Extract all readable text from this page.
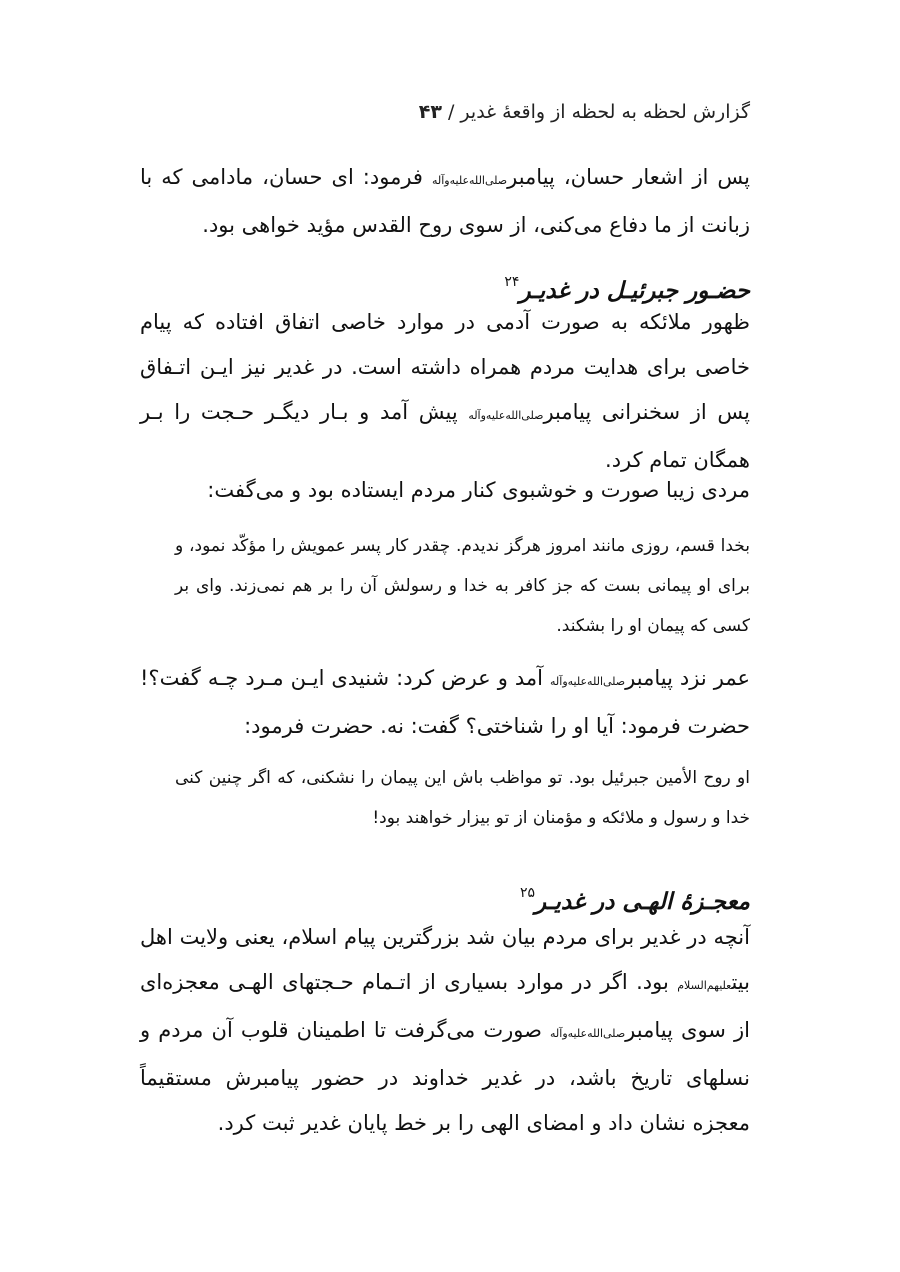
گزارش لحظه به لحظه از واقعۀ غدیر / ۴۳
پس از اشعار حسان، پیامبرصلی‌الله‌علیه‌وآله فرمود: ای حسان، مادامی که با زبانت از ما دفاع می‌کنی، از سوی روح القدس مؤید خواهی بود.
حضـور جبرئیـل در غدیـر$^{۲۴}$
ظهور ملائکه به صورت آدمی در موارد خاصی اتفاق افتاده که پیام خاصی برای هدایت مردم همراه داشته است. در غدیر نیز ایـن اتـفاق پس از سخنرانی پیامبرصلی‌الله‌علیه‌وآله پیش آمد و بـار دیگـر حـجت را بـر همگان تمام کرد.
مردی زیبا صورت و خوشبوی کنار مردم ایستاده بود و می‌گفت:
بخدا قسم، روزی مانند امروز هرگز ندیدم. چقدر کار پسر عمویش را مؤکّد نمود، و برای او پیمانی بست که جز کافر به خدا و رسولش آن را بر هم نمی‌زند. وای بر کسی که پیمان او را بشکند.
عمر نزد پیامبرصلی‌الله‌علیه‌وآله آمد و عرض کرد: شنیدی ایـن مـرد چـه گفت؟! حضرت فرمود: آیا او را شناختی؟ گفت: نه. حضرت فرمود:
او روح الأمین جبرئیل بود. تو مواظب باش این پیمان را نشکنی، که اگر چنین کنی خدا و رسول و ملائکه و مؤمنان از تو بیزار خواهند بود!
معجـزۀ الهـی در غدیـر$^{۲۵}$
آنچه در غدیر برای مردم بیان شد بزرگترین پیام اسلام، یعنی ولایت اهل بیتعلیهم‌السلام بود. اگر در موارد بسیاری از اتـمام حـجتهای الهـی معجزه‌ای از سوی پیامبرصلی‌الله‌علیه‌وآله صورت می‌گرفت تا اطمینان قلوب آن مردم و نسلهای تاریخ باشد، در غدیر خداوند در حضور پیامبرش مستقیماً معجزه نشان داد و امضای الهی را بر خط پایان غدیر ثبت کرد.
